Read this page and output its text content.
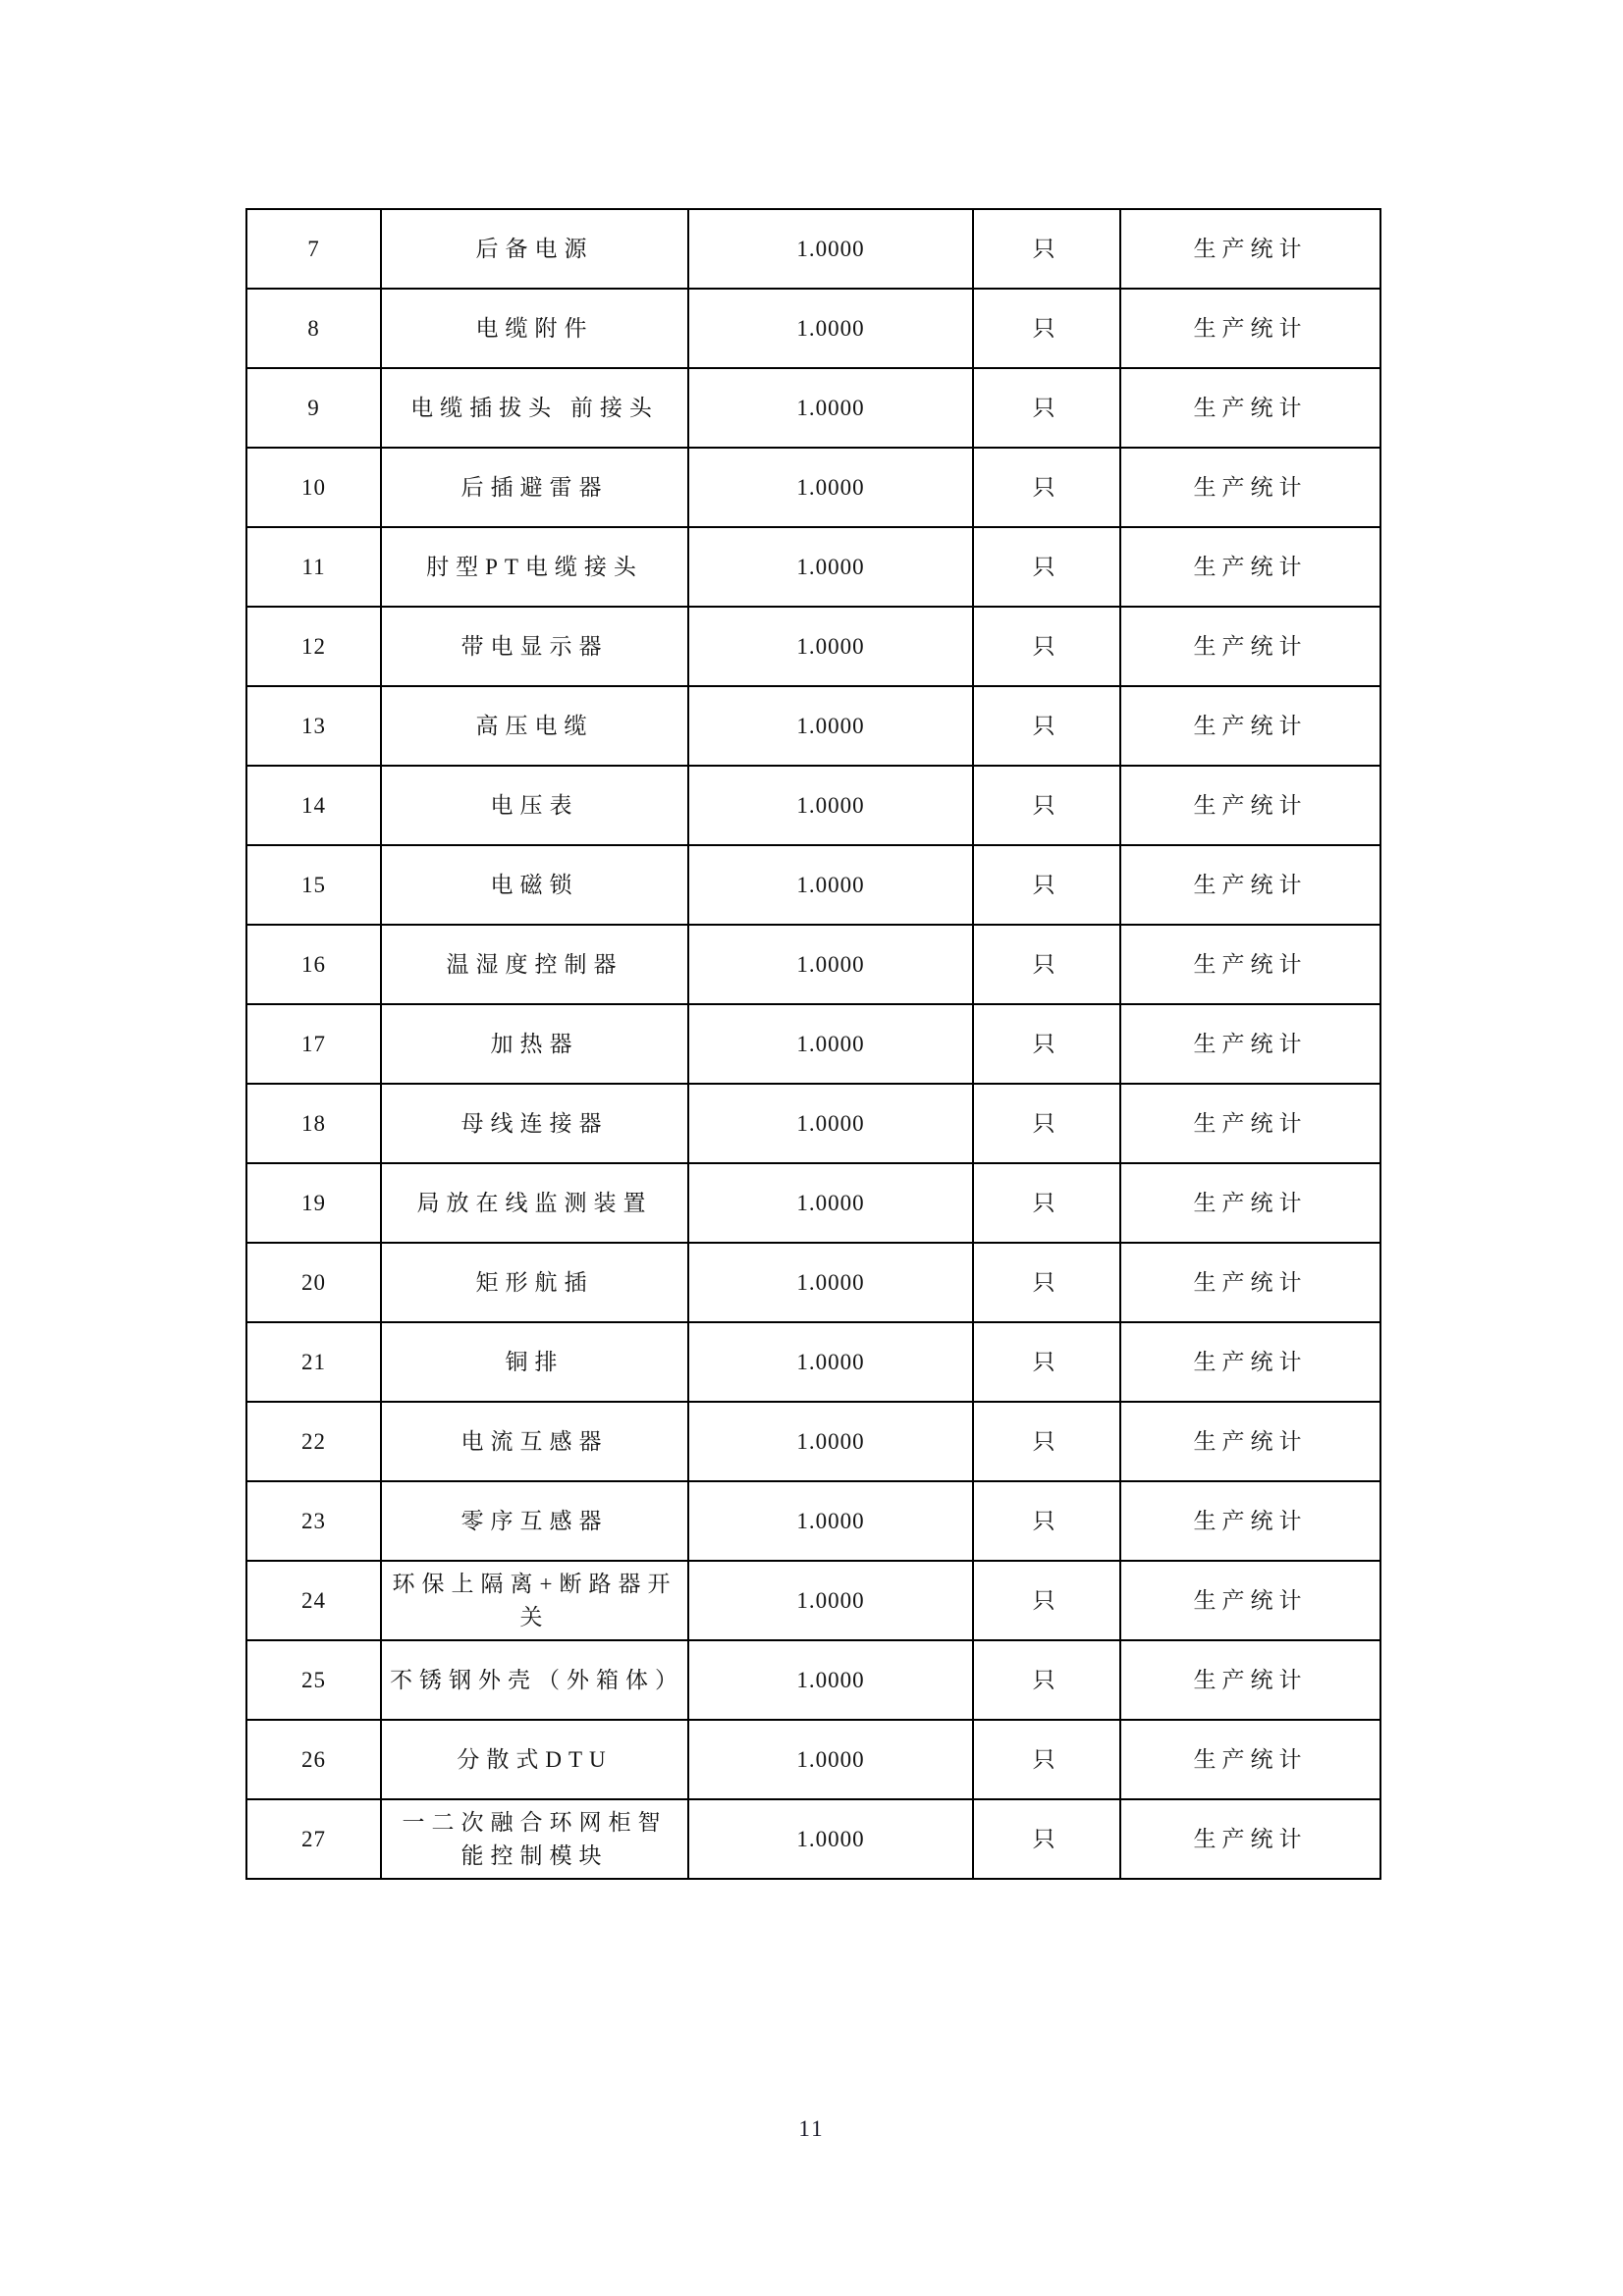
7	后备电源	1.0000	只	生产统计
8	电缆附件	1.0000	只	生产统计
9	电缆插拔头 前接头	1.0000	只	生产统计
10	后插避雷器	1.0000	只	生产统计
11	肘型PT电缆接头	1.0000	只	生产统计
12	带电显示器	1.0000	只	生产统计
13	高压电缆	1.0000	只	生产统计
14	电压表	1.0000	只	生产统计
15	电磁锁	1.0000	只	生产统计
16	温湿度控制器	1.0000	只	生产统计
17	加热器	1.0000	只	生产统计
18	母线连接器	1.0000	只	生产统计
19	局放在线监测装置	1.0000	只	生产统计
20	矩形航插	1.0000	只	生产统计
21	铜排	1.0000	只	生产统计
22	电流互感器	1.0000	只	生产统计
23	零序互感器	1.0000	只	生产统计
24	环保上隔离+断路器开关	1.0000	只	生产统计
25	不锈钢外壳（外箱体）	1.0000	只	生产统计
26	分散式DTU	1.0000	只	生产统计
27	一二次融合环网柜智能控制模块	1.0000	只	生产统计
11
